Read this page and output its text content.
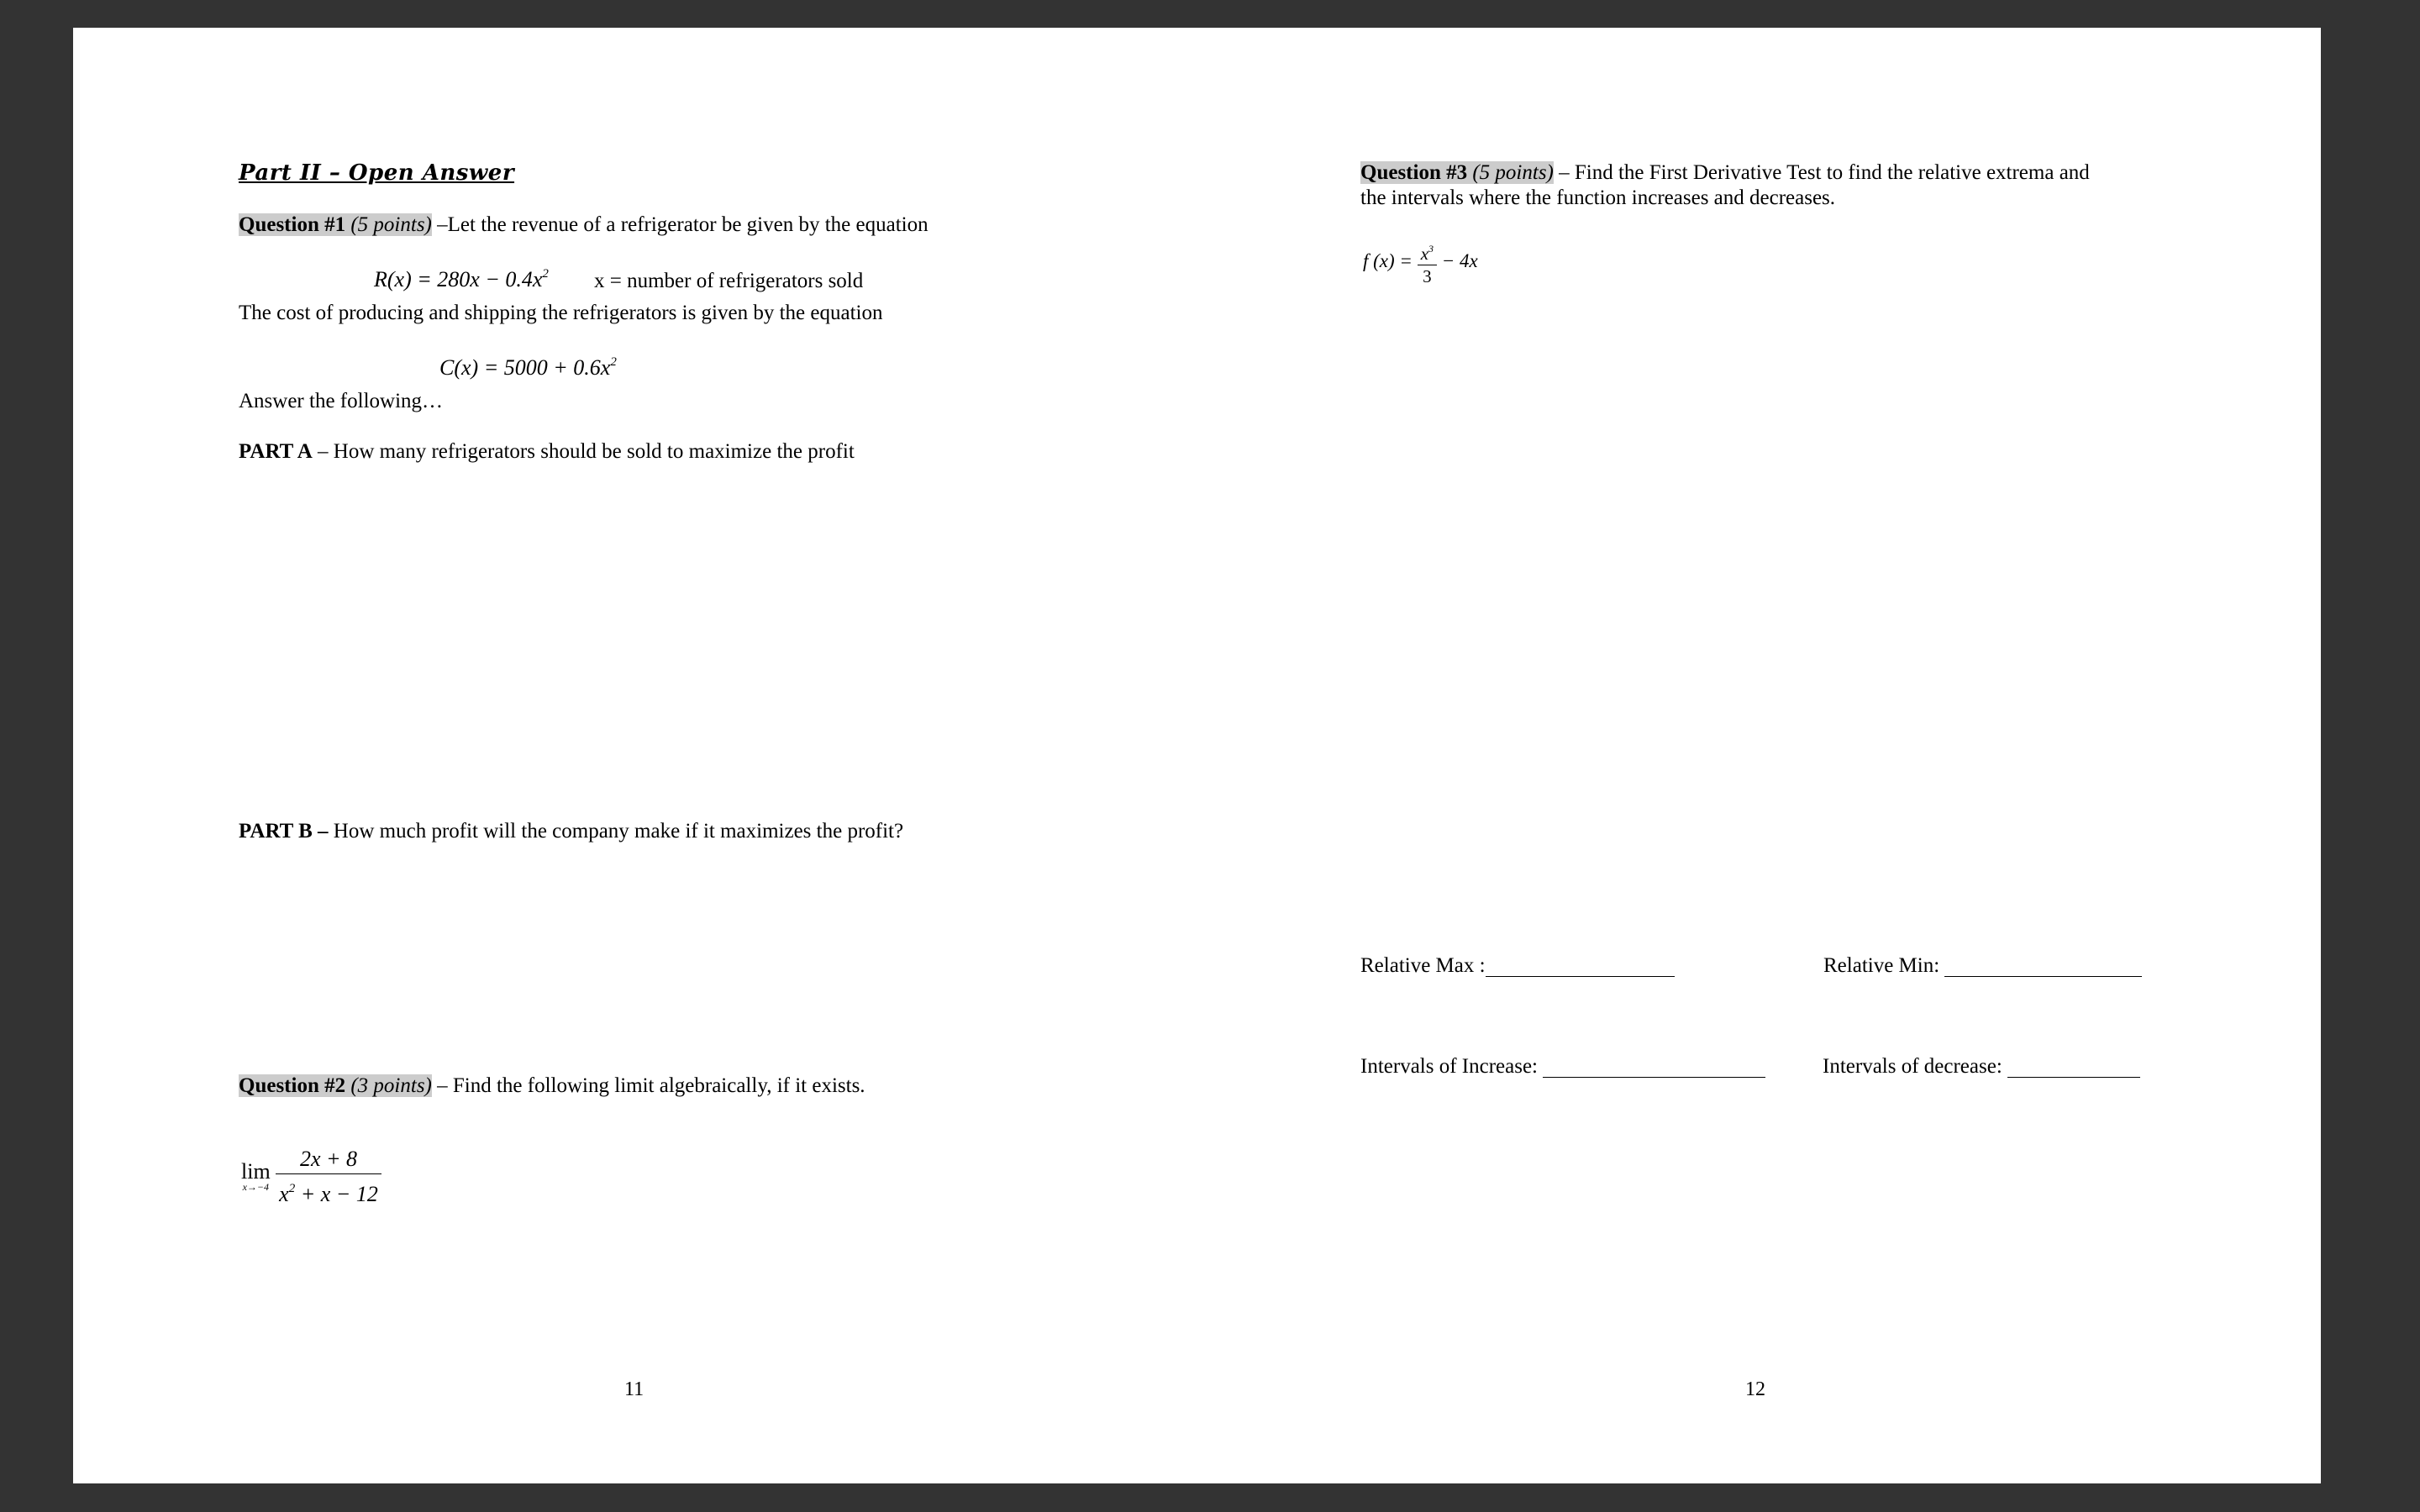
Part II – Open Answer
Question #1 (5 points) –Let the revenue of a refrigerator be given by the equation
$R(x) = 280x - 0.4x^2$ x = number of refrigerators sold
The cost of producing and shipping the refrigerators is given by the equation
$C(x) = 5000 + 0.6x^2$
Answer the following…
PART A – How many refrigerators should be sold to maximize the profit
PART B – How much profit will the company make if it maximizes the profit?
Question #2 (3 points) – Find the following limit algebraically, if it exists.
lim
x→−4
$\frac{2x + 8}{x^2 + x - 12}$
11
Question #3 (5 points) – Find the First Derivative Test to find the relative extrema and
the intervals where the function increases and decreases.
f $(x) = \frac{x^3}{3} - 4x$
Relative Max :	Relative Min:
Intervals of Increase:	Intervals of decrease:
12
